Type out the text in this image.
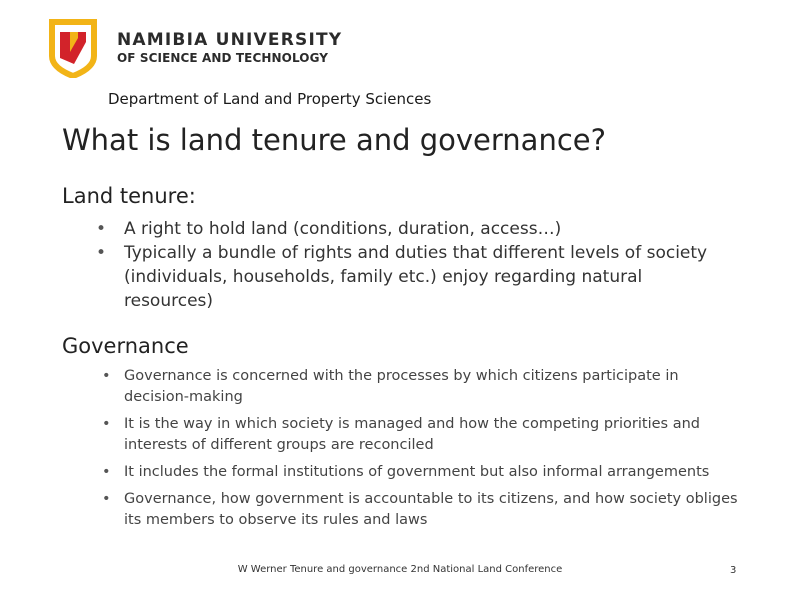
NAMIBIA UNIVERSITY
OF SCIENCE AND TECHNOLOGY
Department of Land and Property Sciences
What is land tenure and governance?
Land tenure:
• A right to hold land (conditions, duration, access…)
• Typically a bundle of rights and duties that different levels of society (individuals, households, family etc.) enjoy regarding natural resources)
Governance
• Governance is concerned with the processes by which citizens participate in decision-making
• It is the way in which society is managed and how the competing priorities and interests of different groups are reconciled
• It includes the formal institutions of government but also informal arrangements
• Governance, how government is accountable to its citizens, and how society obliges its members to observe its rules and laws
W Werner Tenure and governance 2nd National Land Conference	3
